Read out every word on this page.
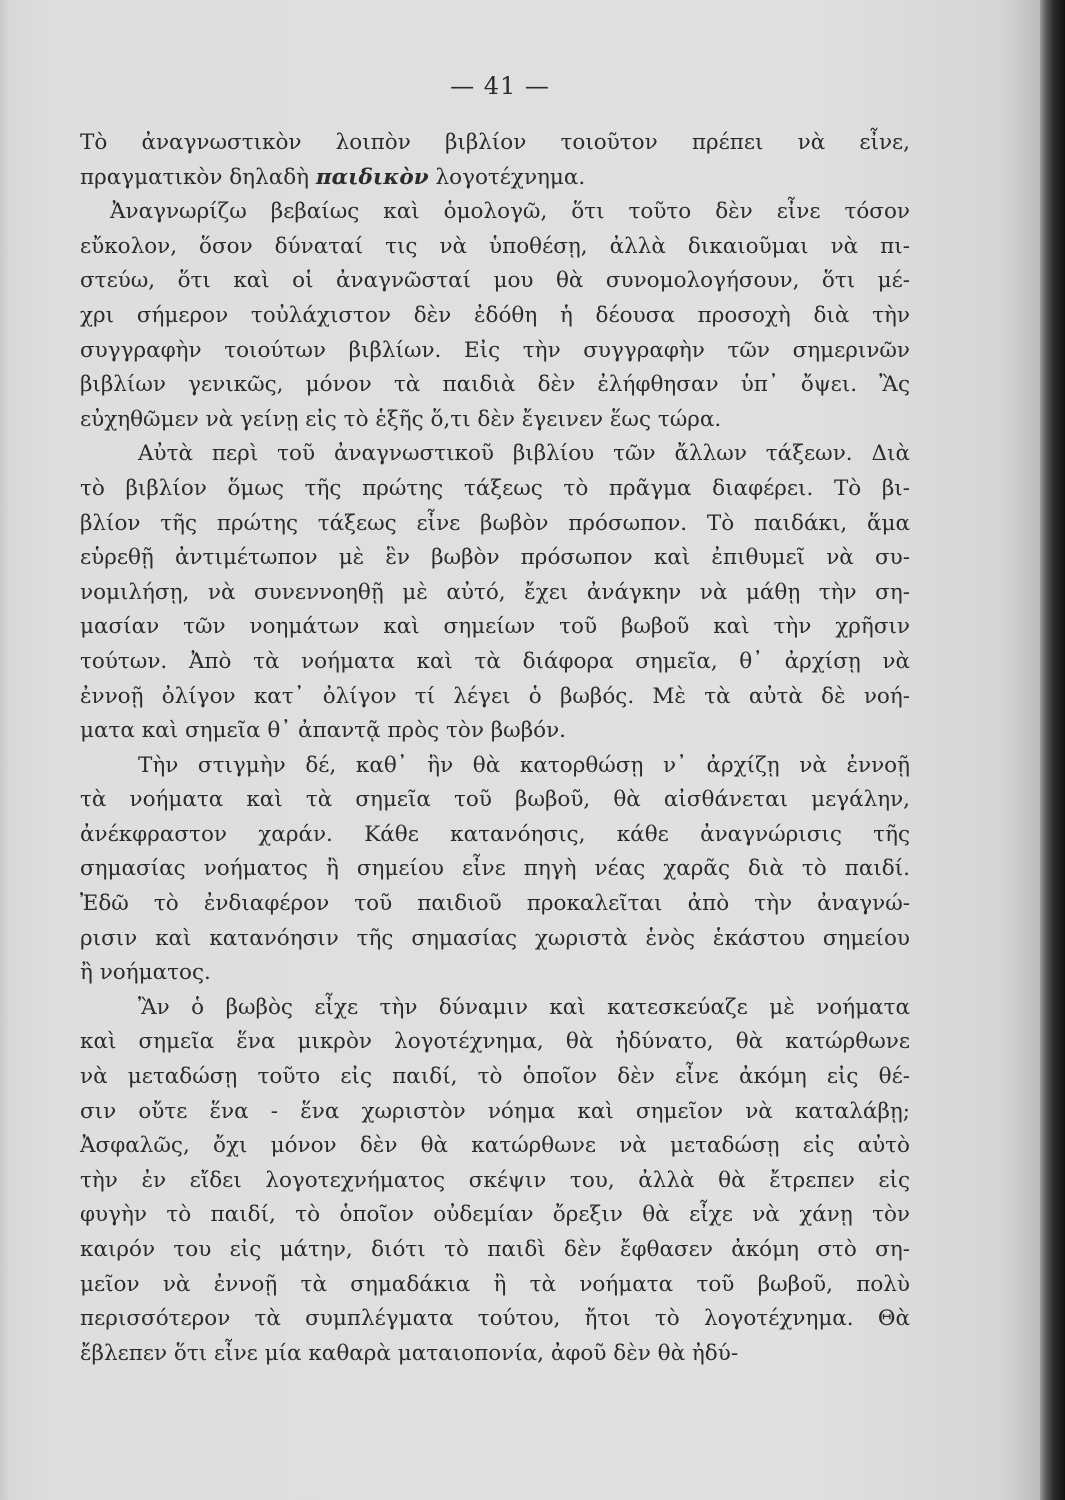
— 41 —
Τὸ ἀναγνωστικὸν λοιπὸν βιβλίον τοιοῦτον πρέπει νὰ εἶνε,
πραγματικὸν δηλαδὴ παιδικὸν λογοτέχνημα.
Ἀναγνωρίζω βεβαίως καὶ ὁμολογῶ, ὅτι τοῦτο δὲν εἶνε τόσον
εὔκολον, ὅσον δύναταί τις νὰ ὑποθέσῃ, ἀλλὰ δικαιοῦμαι νὰ πι-
στεύω, ὅτι καὶ οἱ ἀναγνῶσταί μου θὰ συνομολογήσουν, ὅτι μέ-
χρι σήμερον τοὐλάχιστον δὲν ἐδόθη ἡ δέουσα προσοχὴ διὰ τὴν
συγγραφὴν τοιούτων βιβλίων. Εἰς τὴν συγγραφὴν τῶν σημερινῶν
βιβλίων γενικῶς, μόνον τὰ παιδιὰ δὲν ἐλήφθησαν ὑπ᾿ ὄψει. Ἂς
εὐχηθῶμεν νὰ γείνῃ εἰς τὸ ἑξῆς ὅ,τι δὲν ἔγεινεν ἕως τώρα.
Αὐτὰ περὶ τοῦ ἀναγνωστικοῦ βιβλίου τῶν ἄλλων τάξεων. Διὰ
τὸ βιβλίον ὅμως τῆς πρώτης τάξεως τὸ πρᾶγμα διαφέρει. Τὸ βι-
βλίον τῆς πρώτης τάξεως εἶνε βωβὸν πρόσωπον. Τὸ παιδάκι, ἅμα
εὑρεθῇ ἀντιμέτωπον μὲ ἓν βωβὸν πρόσωπον καὶ ἐπιθυμεῖ νὰ συ-
νομιλήσῃ, νὰ συνεννοηθῇ μὲ αὐτό, ἔχει ἀνάγκην νὰ μάθῃ τὴν ση-
μασίαν τῶν νοημάτων καὶ σημείων τοῦ βωβοῦ καὶ τὴν χρῆσιν
τούτων. Ἀπὸ τὰ νοήματα καὶ τὰ διάφορα σημεῖα, θ᾿ ἀρχίσῃ νὰ
ἐννοῇ ὀλίγον κατ᾿ ὀλίγον τί λέγει ὁ βωβός. Μὲ τὰ αὐτὰ δὲ νοή-
ματα καὶ σημεῖα θ᾿ ἀπαντᾷ πρὸς τὸν βωβόν.
Τὴν στιγμὴν δέ, καθ᾿ ἣν θὰ κατορθώσῃ ν᾿ ἀρχίζῃ νὰ ἐννοῇ
τὰ νοήματα καὶ τὰ σημεῖα τοῦ βωβοῦ, θὰ αἰσθάνεται μεγάλην,
ἀνέκφραστον χαράν. Κάθε κατανόησις, κάθε ἀναγνώρισις τῆς
σημασίας νοήματος ἢ σημείου εἶνε πηγὴ νέας χαρᾶς διὰ τὸ παιδί.
Ἐδῶ τὸ ἐνδιαφέρον τοῦ παιδιοῦ προκαλεῖται ἀπὸ τὴν ἀναγνώ-
ρισιν καὶ κατανόησιν τῆς σημασίας χωριστὰ ἑνὸς ἑκάστου σημείου
ἢ νοήματος.
Ἂν ὁ βωβὸς εἶχε τὴν δύναμιν καὶ κατεσκεύαζε μὲ νοήματα
καὶ σημεῖα ἕνα μικρὸν λογοτέχνημα, θὰ ἠδύνατο, θὰ κατώρθωνε
νὰ μεταδώσῃ τοῦτο εἰς παιδί, τὸ ὁποῖον δὲν εἶνε ἀκόμη εἰς θέ-
σιν οὔτε ἕνα - ἕνα χωριστὸν νόημα καὶ σημεῖον νὰ καταλάβῃ;
Ἀσφαλῶς, ὄχι μόνον δὲν θὰ κατώρθωνε νὰ μεταδώσῃ εἰς αὐτὸ
τὴν ἐν εἴδει λογοτεχνήματος σκέψιν του, ἀλλὰ θὰ ἔτρεπεν εἰς
φυγὴν τὸ παιδί, τὸ ὁποῖον οὐδεμίαν ὄρεξιν θὰ εἶχε νὰ χάνῃ τὸν
καιρόν του εἰς μάτην, διότι τὸ παιδὶ δὲν ἔφθασεν ἀκόμη στὸ ση-
μεῖον νὰ ἐννοῇ τὰ σημαδάκια ἢ τὰ νοήματα τοῦ βωβοῦ, πολὺ
περισσότερον τὰ συμπλέγματα τούτου, ἤτοι τὸ λογοτέχνημα. Θὰ
ἔβλεπεν ὅτι εἶνε μία καθαρὰ ματαιοπονία, ἀφοῦ δὲν θὰ ἠδύ-
